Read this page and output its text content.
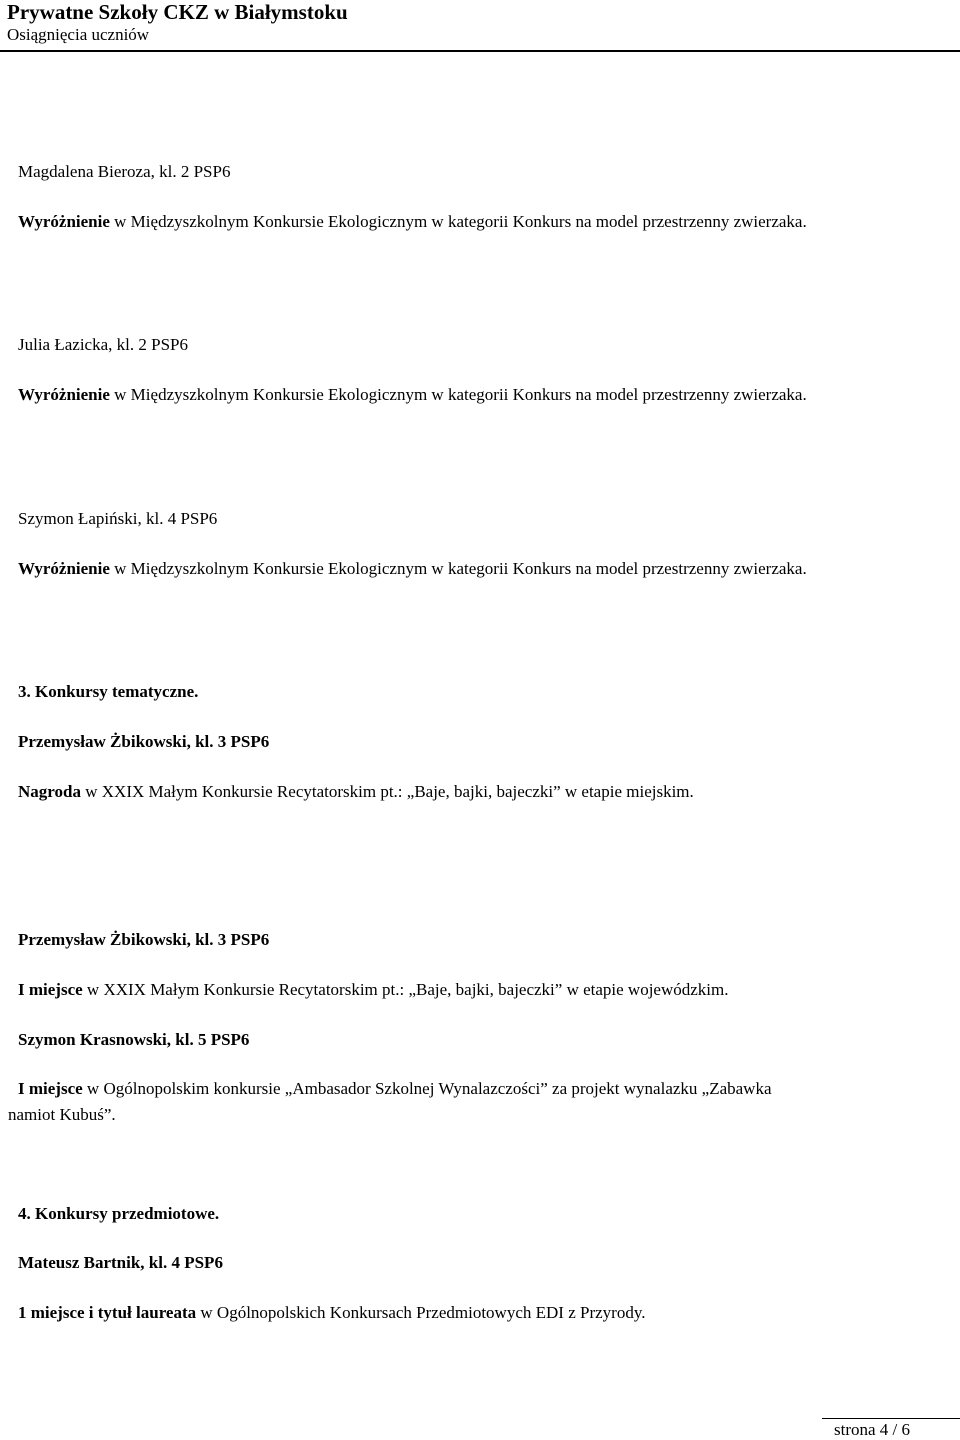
Prywatne Szkoły CKZ w Białymstoku
Osiągnięcia uczniów
Magdalena Bieroza, kl. 2 PSP6
Wyróżnienie w Międzyszkolnym Konkursie Ekologicznym w kategorii Konkurs na model przestrzenny zwierzaka.
Julia Łazicka, kl. 2 PSP6
Wyróżnienie w Międzyszkolnym Konkursie Ekologicznym w kategorii Konkurs na model przestrzenny zwierzaka.
Szymon Łapiński, kl. 4 PSP6
Wyróżnienie w Międzyszkolnym Konkursie Ekologicznym w kategorii Konkurs na model przestrzenny zwierzaka.
3. Konkursy tematyczne.
Przemysław Żbikowski, kl. 3 PSP6
Nagroda w XXIX Małym Konkursie Recytatorskim pt.: „Baje, bajki, bajeczki” w etapie miejskim.
Przemysław Żbikowski, kl. 3 PSP6
I miejsce w XXIX Małym Konkursie Recytatorskim pt.: „Baje, bajki, bajeczki” w etapie wojewódzkim.
Szymon Krasnowski, kl. 5 PSP6
I miejsce w Ogólnopolskim konkursie „Ambasador Szkolnej Wynalazczości” za projekt wynalazku „Zabawka
namiot Kubuś”.
4. Konkursy przedmiotowe.
Mateusz Bartnik, kl. 4 PSP6
1 miejsce i tytuł laureata w Ogólnopolskich Konkursach Przedmiotowych EDI z Przyrody.
strona 4 / 6
